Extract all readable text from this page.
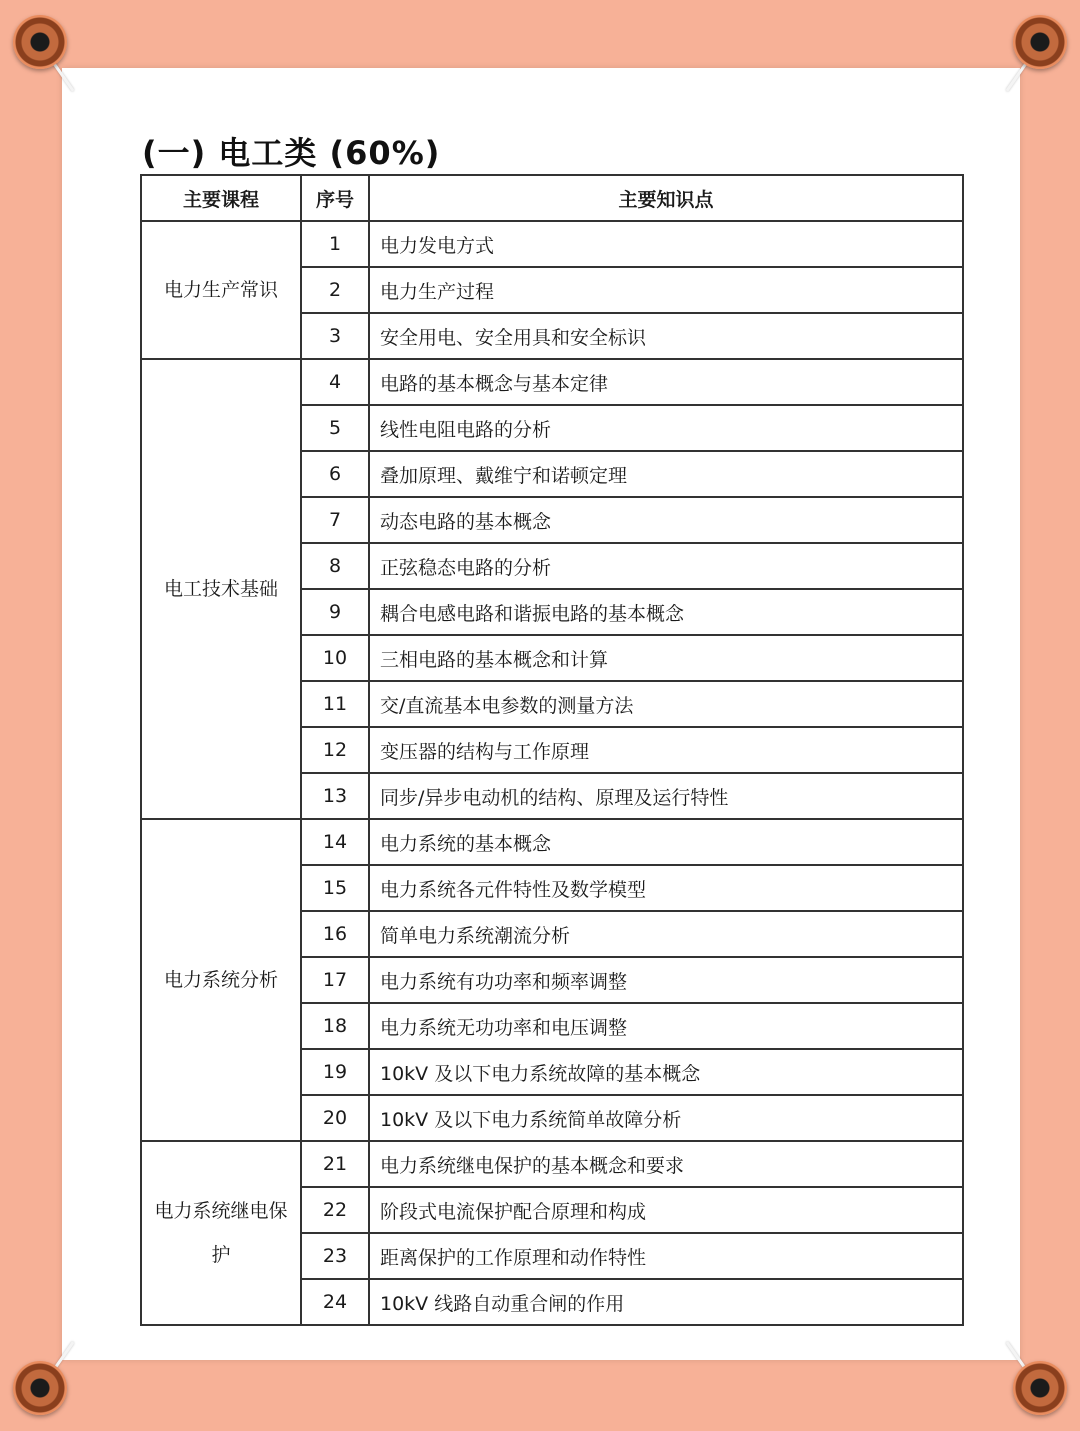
(一) 电工类 (60%)
主要课程	序号	主要知识点
电力生产常识	1	电力发电方式
	2	电力生产过程
	3	安全用电、安全用具和安全标识
电工技术基础	4	电路的基本概念与基本定律
	5	线性电阻电路的分析
	6	叠加原理、戴维宁和诺顿定理
	7	动态电路的基本概念
	8	正弦稳态电路的分析
	9	耦合电感电路和谐振电路的基本概念
	10	三相电路的基本概念和计算
	11	交/直流基本电参数的测量方法
	12	变压器的结构与工作原理
	13	同步/异步电动机的结构、原理及运行特性
电力系统分析	14	电力系统的基本概念
	15	电力系统各元件特性及数学模型
	16	简单电力系统潮流分析
	17	电力系统有功功率和频率调整
	18	电力系统无功功率和电压调整
	19	10kV 及以下电力系统故障的基本概念
	20	10kV 及以下电力系统简单故障分析
电力系统继电保护	21	电力系统继电保护的基本概念和要求
	22	阶段式电流保护配合原理和构成
	23	距离保护的工作原理和动作特性
	24	10kV 线路自动重合闸的作用
